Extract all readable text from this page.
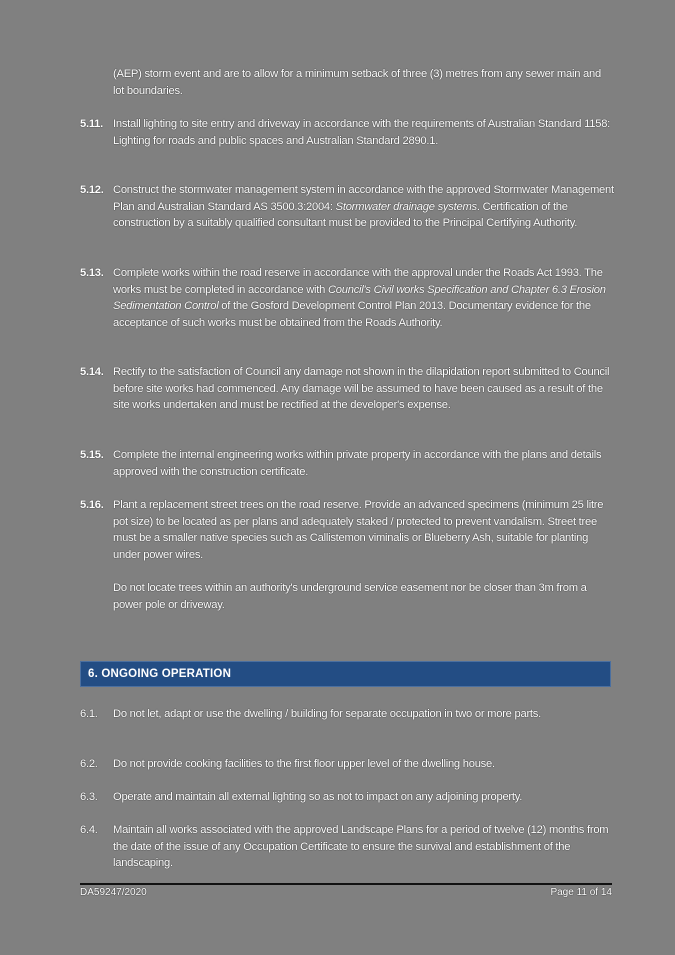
(AEP) storm event and are to allow for a minimum setback of three (3) metres from any sewer main and lot boundaries.
5.11. Install lighting to site entry and driveway in accordance with the requirements of Australian Standard 1158: Lighting for roads and public spaces and Australian Standard 2890.1.
5.12. Construct the stormwater management system in accordance with the approved Stormwater Management Plan and Australian Standard AS 3500.3:2004: Stormwater drainage systems. Certification of the construction by a suitably qualified consultant must be provided to the Principal Certifying Authority.
5.13. Complete works within the road reserve in accordance with the approval under the Roads Act 1993. The works must be completed in accordance with Council's Civil works Specification and Chapter 6.3 Erosion Sedimentation Control of the Gosford Development Control Plan 2013. Documentary evidence for the acceptance of such works must be obtained from the Roads Authority.
5.14. Rectify to the satisfaction of Council any damage not shown in the dilapidation report submitted to Council before site works had commenced. Any damage will be assumed to have been caused as a result of the site works undertaken and must be rectified at the developer's expense.
5.15. Complete the internal engineering works within private property in accordance with the plans and details approved with the construction certificate.
5.16. Plant a replacement street trees on the road reserve. Provide an advanced specimens (minimum 25 litre pot size) to be located as per plans and adequately staked / protected to prevent vandalism. Street tree must be a smaller native species such as Callistemon viminalis or Blueberry Ash, suitable for planting under power wires.
Do not locate trees within an authority's underground service easement nor be closer than 3m from a power pole or driveway.
6. ONGOING OPERATION
6.1.	Do not let, adapt or use the dwelling / building for separate occupation in two or more parts.
6.2.	Do not provide cooking facilities to the first floor upper level of the dwelling house.
6.3.	Operate and maintain all external lighting so as not to impact on any adjoining property.
6.4.	Maintain all works associated with the approved Landscape Plans for a period of twelve (12) months from the date of the issue of any Occupation Certificate to ensure the survival and establishment of the landscaping.
DA59247/2020	Page 11 of 14
